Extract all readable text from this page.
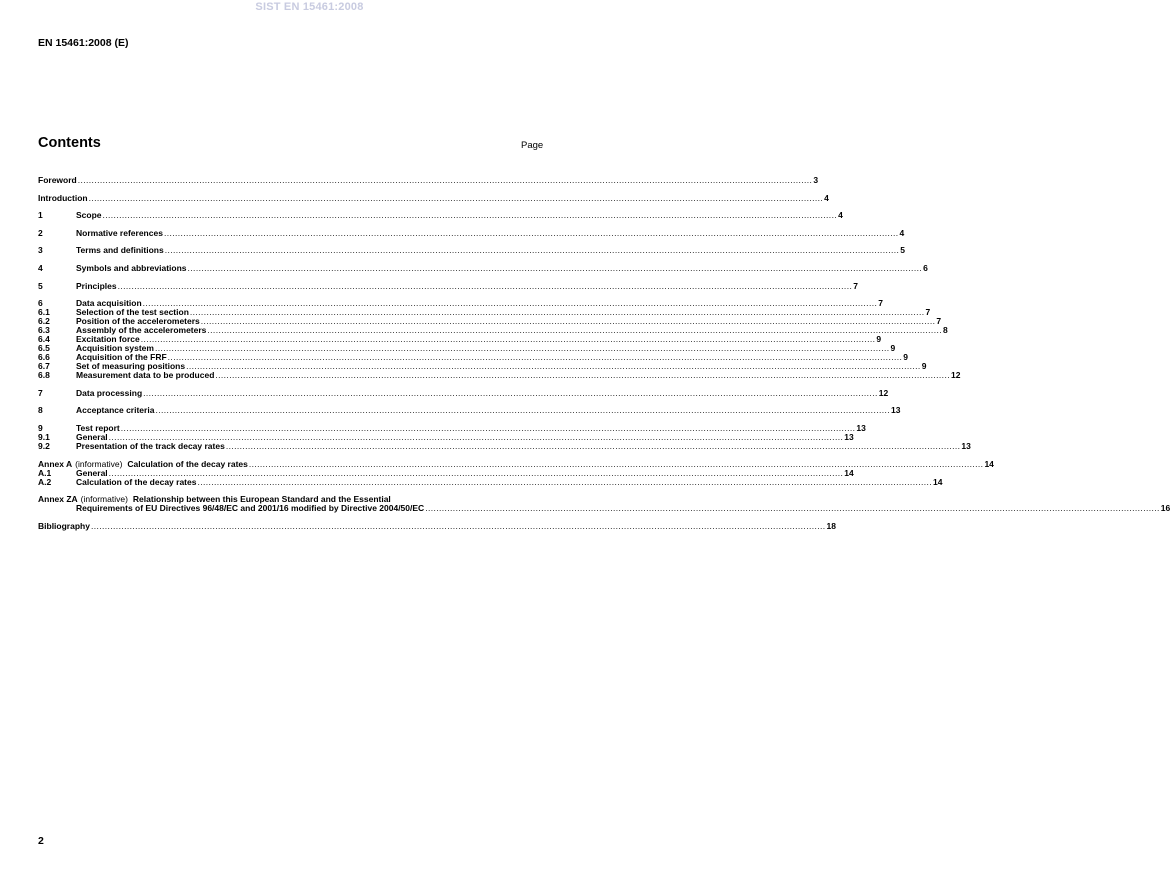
SIST EN 15461:2008
EN 15461:2008 (E)
Contents	Page
Foreword .......................................................................................................................................................................................................................................................................... 3
Introduction .......................................................................................................................................................................................................................................................................... 4
1	Scope .......................................................................................................................................................................................................................................................................... 4
2	Normative references .......................................................................................................................................................................................................................................................................... 4
3	Terms and definitions .......................................................................................................................................................................................................................................................................... 5
4	Symbols and abbreviations .......................................................................................................................................................................................................................................................................... 6
5	Principles .......................................................................................................................................................................................................................................................................... 7
6	Data acquisition .......................................................................................................................................................................................................................................................................... 7
6.1	Selection of the test section .......................................................................................................................................................................................................................................................................... 7
6.2	Position of the accelerometers .......................................................................................................................................................................................................................................................................... 7
6.3	Assembly of the accelerometers .......................................................................................................................................................................................................................................................................... 8
6.4	Excitation force .......................................................................................................................................................................................................................................................................... 9
6.5	Acquisition system .......................................................................................................................................................................................................................................................................... 9
6.6	Acquisition of the FRF .......................................................................................................................................................................................................................................................................... 9
6.7	Set of measuring positions .......................................................................................................................................................................................................................................................................... 9
6.8	Measurement data to be produced .......................................................................................................................................................................................................................................................................... 12
7	Data processing .......................................................................................................................................................................................................................................................................... 12
8	Acceptance criteria .......................................................................................................................................................................................................................................................................... 13
9	Test report .......................................................................................................................................................................................................................................................................... 13
9.1	General .......................................................................................................................................................................................................................................................................... 13
9.2	Presentation of the track decay rates .......................................................................................................................................................................................................................................................................... 13
Annex A (informative) Calculation of the decay rates .......................................................................................................................................................................................................................................................................... 14
A.1	General .......................................................................................................................................................................................................................................................................... 14
A.2	Calculation of the decay rates .......................................................................................................................................................................................................................................................................... 14
Annex ZA (informative) Relationship between this European Standard and the Essential
Requirements of EU Directives 96/48/EC and 2001/16 modified by Directive 2004/50/EC .......................................................................................................................................................................................................................................................................... 16
Bibliography .......................................................................................................................................................................................................................................................................... 18
2
